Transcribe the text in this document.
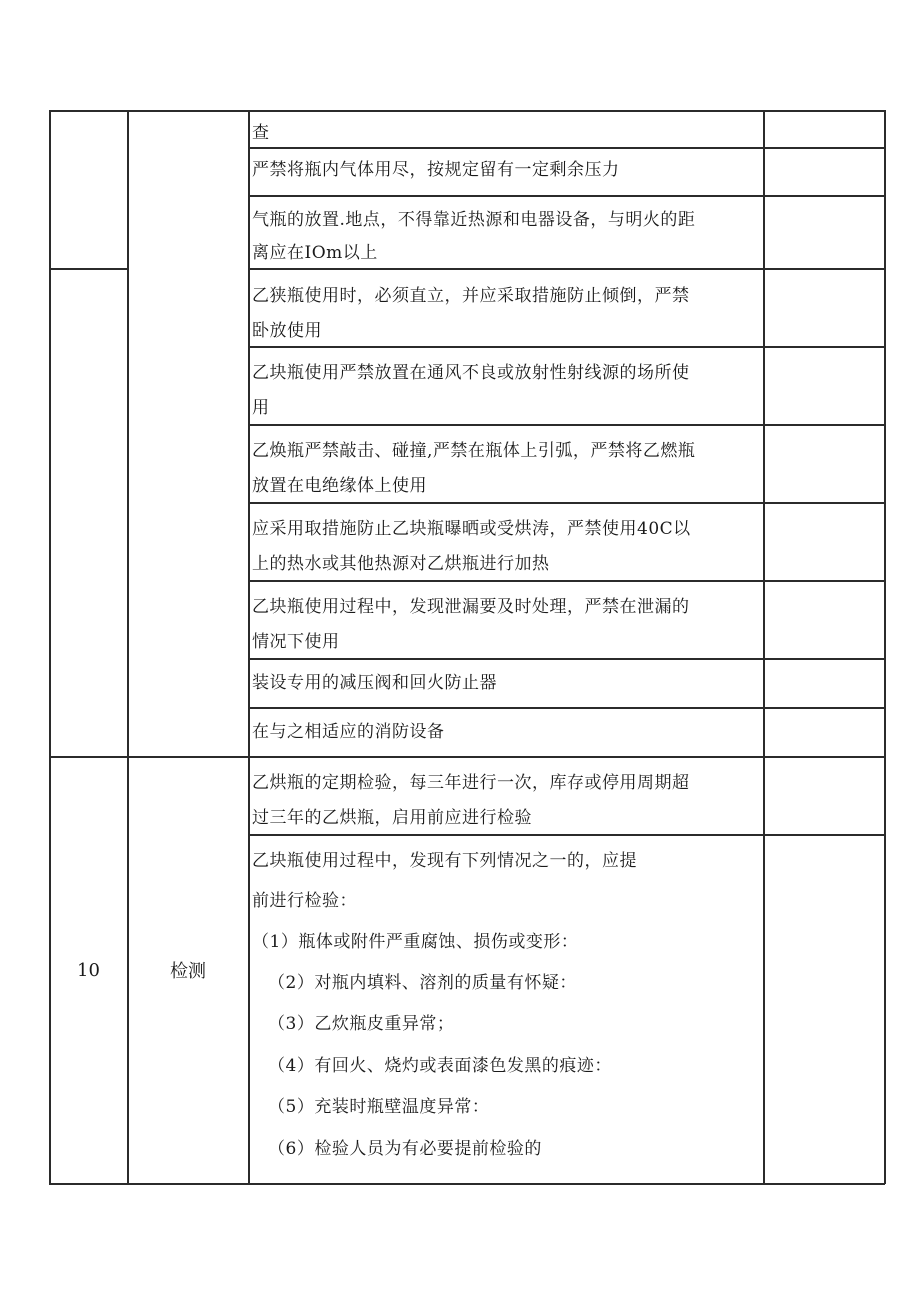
查
严禁将瓶内气体用尽，按规定留有一定剩余压力
气瓶的放置.地点，不得靠近热源和电器设备，与明火的距
离应在IOm以上
乙狭瓶使用时，必须直立，并应采取措施防止倾倒，严禁
卧放使用
乙块瓶使用严禁放置在通风不良或放射性射线源的场所使
用
乙焕瓶严禁敲击、碰撞,严禁在瓶体上引弧，严禁将乙燃瓶
放置在电绝缘体上使用
应采用取措施防止乙块瓶曝晒或受烘涛，严禁使用40C以
上的热水或其他热源对乙烘瓶进行加热
乙块瓶使用过程中，发现泄漏要及时处理，严禁在泄漏的
情况下使用
装设专用的减压阀和回火防止器
在与之相适应的消防设备
10	检测
乙烘瓶的定期检验，每三年进行一次，库存或停用周期超
过三年的乙烘瓶，启用前应进行检验
乙块瓶使用过程中，发现有下列情况之一的，应提
前进行检验：
（1）瓶体或附件严重腐蚀、损伤或变形：
（2）对瓶内填料、溶剂的质量有怀疑：
（3）乙炊瓶皮重异常；
（4）有回火、烧灼或表面漆色发黑的痕迹：
（5）充装时瓶壁温度异常：
（6）检验人员为有必要提前检验的
